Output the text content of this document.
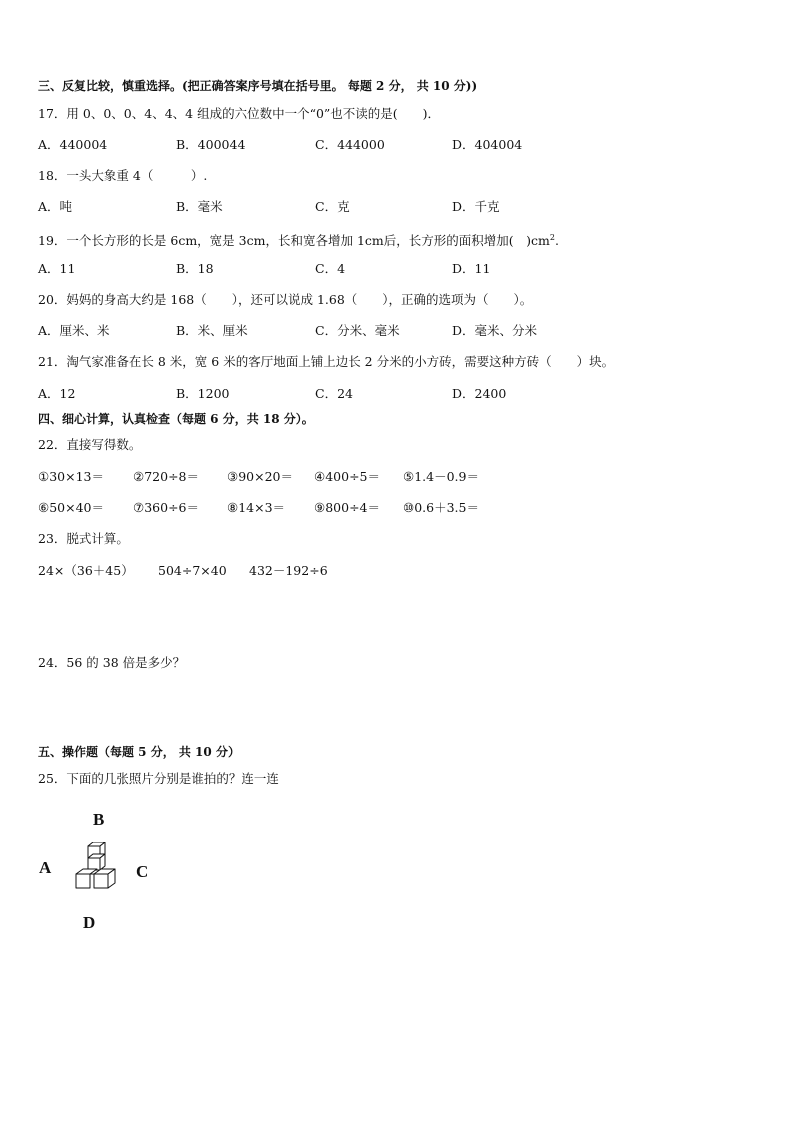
三、反复比较，慎重选择。(把正确答案序号填在括号里。 每题 2 分， 共 10 分))
17．用 0、0、0、4、4、4 组成的六位数中一个“0”也不读的是(　　)．
A．440004	B．400044	C．444000	D．404004
18．一头大象重 4（　　　）.
A．吨	B．毫米	C．克	D．千克
19．一个长方形的长是 6cm，宽是 3cm，长和宽各增加 1cm后，长方形的面积增加(　)$cm^2$.
A．11	B．18	C．4	D．11
20．妈妈的身高大约是 168（　　），还可以说成 1.68（　　），正确的选项为（　　）。
A．厘米、米	B．米、厘米	C．分米、毫米	D．毫米、分米
21．淘气家准备在长 8 米，宽 6 米的客厅地面上铺上边长 2 分米的小方砖，需要这种方砖（　　）块。
A．12	B．1200	C．24	D．2400
四、细心计算，认真检查（每题 6 分，共 18 分）。
22．直接写得数。
①30×13＝ ②720÷8＝ ③90×20＝ ④400÷5＝ ⑤1.4－0.9＝
⑥50×40＝ ⑦360÷6＝ ⑧14×3＝ ⑨800÷4＝ ⑩0.6＋3.5＝
23．脱式计算。
24×（36＋45） 504÷7×40 432－192÷6
24．56 的 38 倍是多少？
五、操作题（每题 5 分， 共 10 分）
25．下面的几张照片分别是谁拍的？连一连
B
A	C
D
